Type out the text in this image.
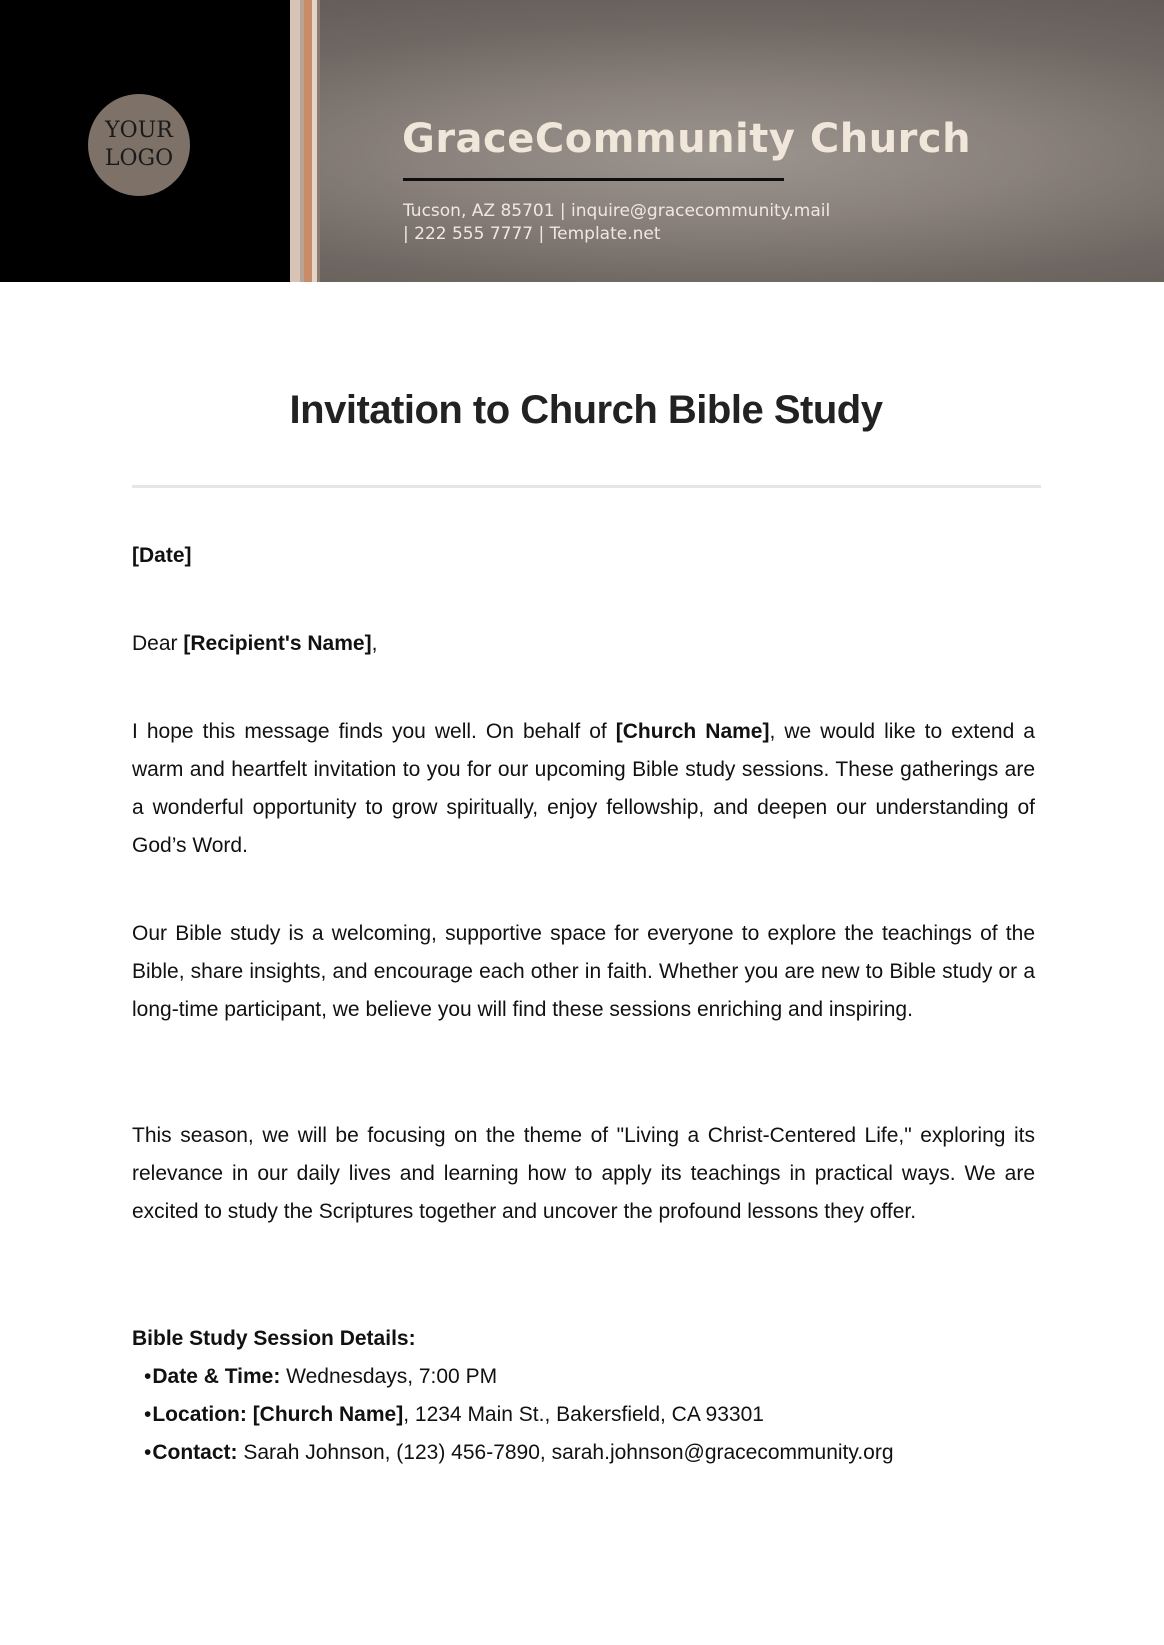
YOUR LOGO	GraceCommunity Church
Tucson, AZ 85701 | inquire@gracecommunity.mail
| 222 555 7777 | Template.net
Invitation to Church Bible Study
[Date]
Dear [Recipient's Name],
I hope this message finds you well. On behalf of [Church Name], we would like to extend a warm and heartfelt invitation to you for our upcoming Bible study sessions. These gatherings are a wonderful opportunity to grow spiritually, enjoy fellowship, and deepen our understanding of God’s Word.
Our Bible study is a welcoming, supportive space for everyone to explore the teachings of the Bible, share insights, and encourage each other in faith. Whether you are new to Bible study or a long-time participant, we believe you will find these sessions enriching and inspiring.
This season, we will be focusing on the theme of "Living a Christ-Centered Life," exploring its relevance in our daily lives and learning how to apply its teachings in practical ways. We are excited to study the Scriptures together and uncover the profound lessons they offer.
Bible Study Session Details:
• Date & Time: Wednesdays, 7:00 PM
• Location: [Church Name], 1234 Main St., Bakersfield, CA 93301
• Contact: Sarah Johnson, (123) 456-7890, sarah.johnson@gracecommunity.org
